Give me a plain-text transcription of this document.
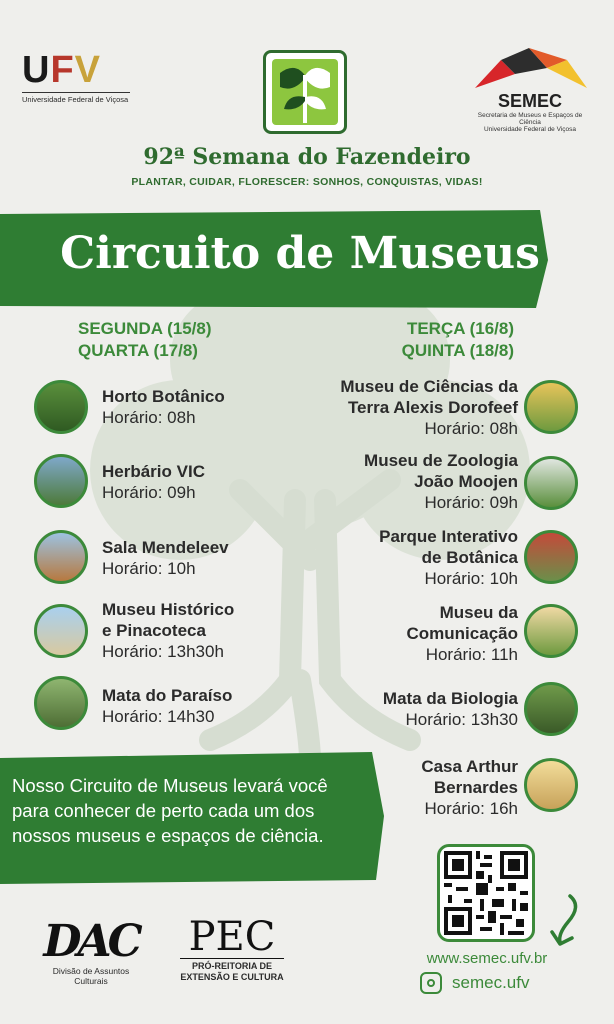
UFV
Universidade Federal de Viçosa	SEMEC
Secretaria de Museus e Espaços de Ciência
Universidade Federal de Viçosa
92ª Semana do Fazendeiro
PLANTAR, CUIDAR, FLORESCER: SONHOS, CONQUISTAS, VIDAS!
Circuito de Museus
SEGUNDA (15/8)
QUARTA (17/8)
TERÇA (16/8)
QUINTA (18/8)
Horto Botânico
Horário: 08h
Herbário VIC
Horário: 09h
Sala Mendeleev
Horário: 10h
Museu Histórico
e Pinacoteca
Horário: 13h30h
Mata do Paraíso
Horário: 14h30
Museu de Ciências da
Terra Alexis Dorofeef
Horário: 08h
Museu de Zoologia
João Moojen
Horário: 09h
Parque Interativo
de Botânica
Horário: 10h
Museu da
Comunicação
Horário: 11h
Mata da Biologia
Horário: 13h30
Casa Arthur
Bernardes
Horário: 16h
Nosso Circuito de Museus levará você
para conhecer de perto cada um dos
nossos museus e espaços de ciência.
DAC
Divisão de Assuntos
Culturais
PEC
PRÓ-REITORIA DE
EXTENSÃO E CULTURA
www.semec.ufv.br
semec.ufv
